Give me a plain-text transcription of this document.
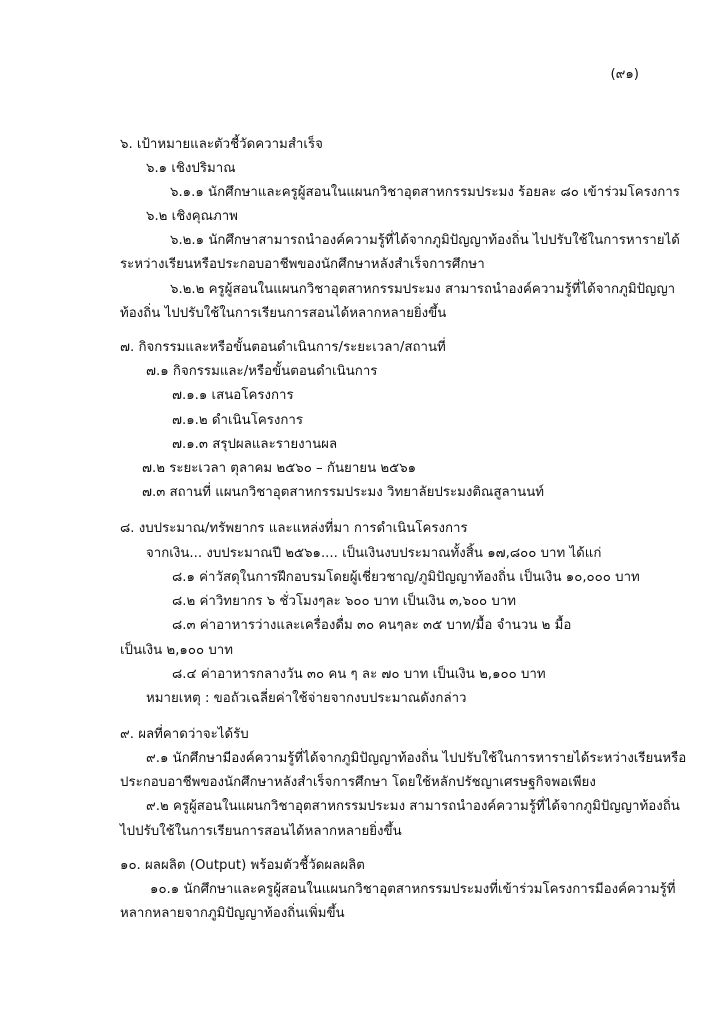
(๙๑)
๖. เป้าหมายและตัวชี้วัดความสำเร็จ
๖.๑ เชิงปริมาณ
๖.๑.๑ นักศึกษาและครูผู้สอนในแผนกวิชาอุตสาหกรรมประมง ร้อยละ ๘๐ เข้าร่วมโครงการ
๖.๒ เชิงคุณภาพ
๖.๒.๑ นักศึกษาสามารถนำองค์ความรู้ที่ได้จากภูมิปัญญาท้องถิ่น ไปปรับใช้ในการหารายได้
ระหว่างเรียนหรือประกอบอาชีพของนักศึกษาหลังสำเร็จการศึกษา
๖.๒.๒ ครูผู้สอนในแผนกวิชาอุตสาหกรรมประมง สามารถนำองค์ความรู้ที่ได้จากภูมิปัญญา
ท้องถิ่น ไปปรับใช้ในการเรียนการสอนได้หลากหลายยิ่งขึ้น
๗. กิจกรรมและหรือขั้นตอนดำเนินการ/ระยะเวลา/สถานที่
๗.๑ กิจกรรมและ/หรือขั้นตอนดำเนินการ
๗.๑.๑ เสนอโครงการ
๗.๑.๒ ดำเนินโครงการ
๗.๑.๓ สรุปผลและรายงานผล
๗.๒ ระยะเวลา ตุลาคม ๒๕๖๐ – กันยายน ๒๕๖๑
๗.๓ สถานที่ แผนกวิชาอุตสาหกรรมประมง วิทยาลัยประมงติณสูลานนท์
๘. งบประมาณ/ทรัพยากร และแหล่งที่มา การดำเนินโครงการ
จากเงิน... งบประมาณปี ๒๕๖๑.... เป็นเงินงบประมาณทั้งสิ้น ๑๗,๘๐๐ บาท ได้แก่
๘.๑ ค่าวัสดุในการฝึกอบรมโดยผู้เชี่ยวชาญ/ภูมิปัญญาท้องถิ่น เป็นเงิน ๑๐,๐๐๐ บาท
๘.๒ ค่าวิทยากร ๖ ชั่วโมงๆละ ๖๐๐ บาท เป็นเงิน ๓,๖๐๐ บาท
๘.๓ ค่าอาหารว่างและเครื่องดื่ม ๓๐ คนๆละ ๓๕ บาท/มื้อ จำนวน ๒ มื้อ
เป็นเงิน ๒,๑๐๐ บาท
๘.๔ ค่าอาหารกลางวัน ๓๐ คน ๆ ละ ๗๐ บาท เป็นเงิน ๒,๑๐๐ บาท
หมายเหตุ : ขอถัวเฉลี่ยค่าใช้จ่ายจากงบประมาณดังกล่าว
๙. ผลที่คาดว่าจะได้รับ
๙.๑ นักศึกษามีองค์ความรู้ที่ได้จากภูมิปัญญาท้องถิ่น ไปปรับใช้ในการหารายได้ระหว่างเรียนหรือ
ประกอบอาชีพของนักศึกษาหลังสำเร็จการศึกษา โดยใช้หลักปรัชญาเศรษฐกิจพอเพียง
๙.๒ ครูผู้สอนในแผนกวิชาอุตสาหกรรมประมง สามารถนำองค์ความรู้ที่ได้จากภูมิปัญญาท้องถิ่น
ไปปรับใช้ในการเรียนการสอนได้หลากหลายยิ่งขึ้น
๑๐. ผลผลิต (Output) พร้อมตัวชี้วัดผลผลิต
๑๐.๑ นักศึกษาและครูผู้สอนในแผนกวิชาอุตสาหกรรมประมงที่เข้าร่วมโครงการมีองค์ความรู้ที่
หลากหลายจากภูมิปัญญาท้องถิ่นเพิ่มขึ้น
